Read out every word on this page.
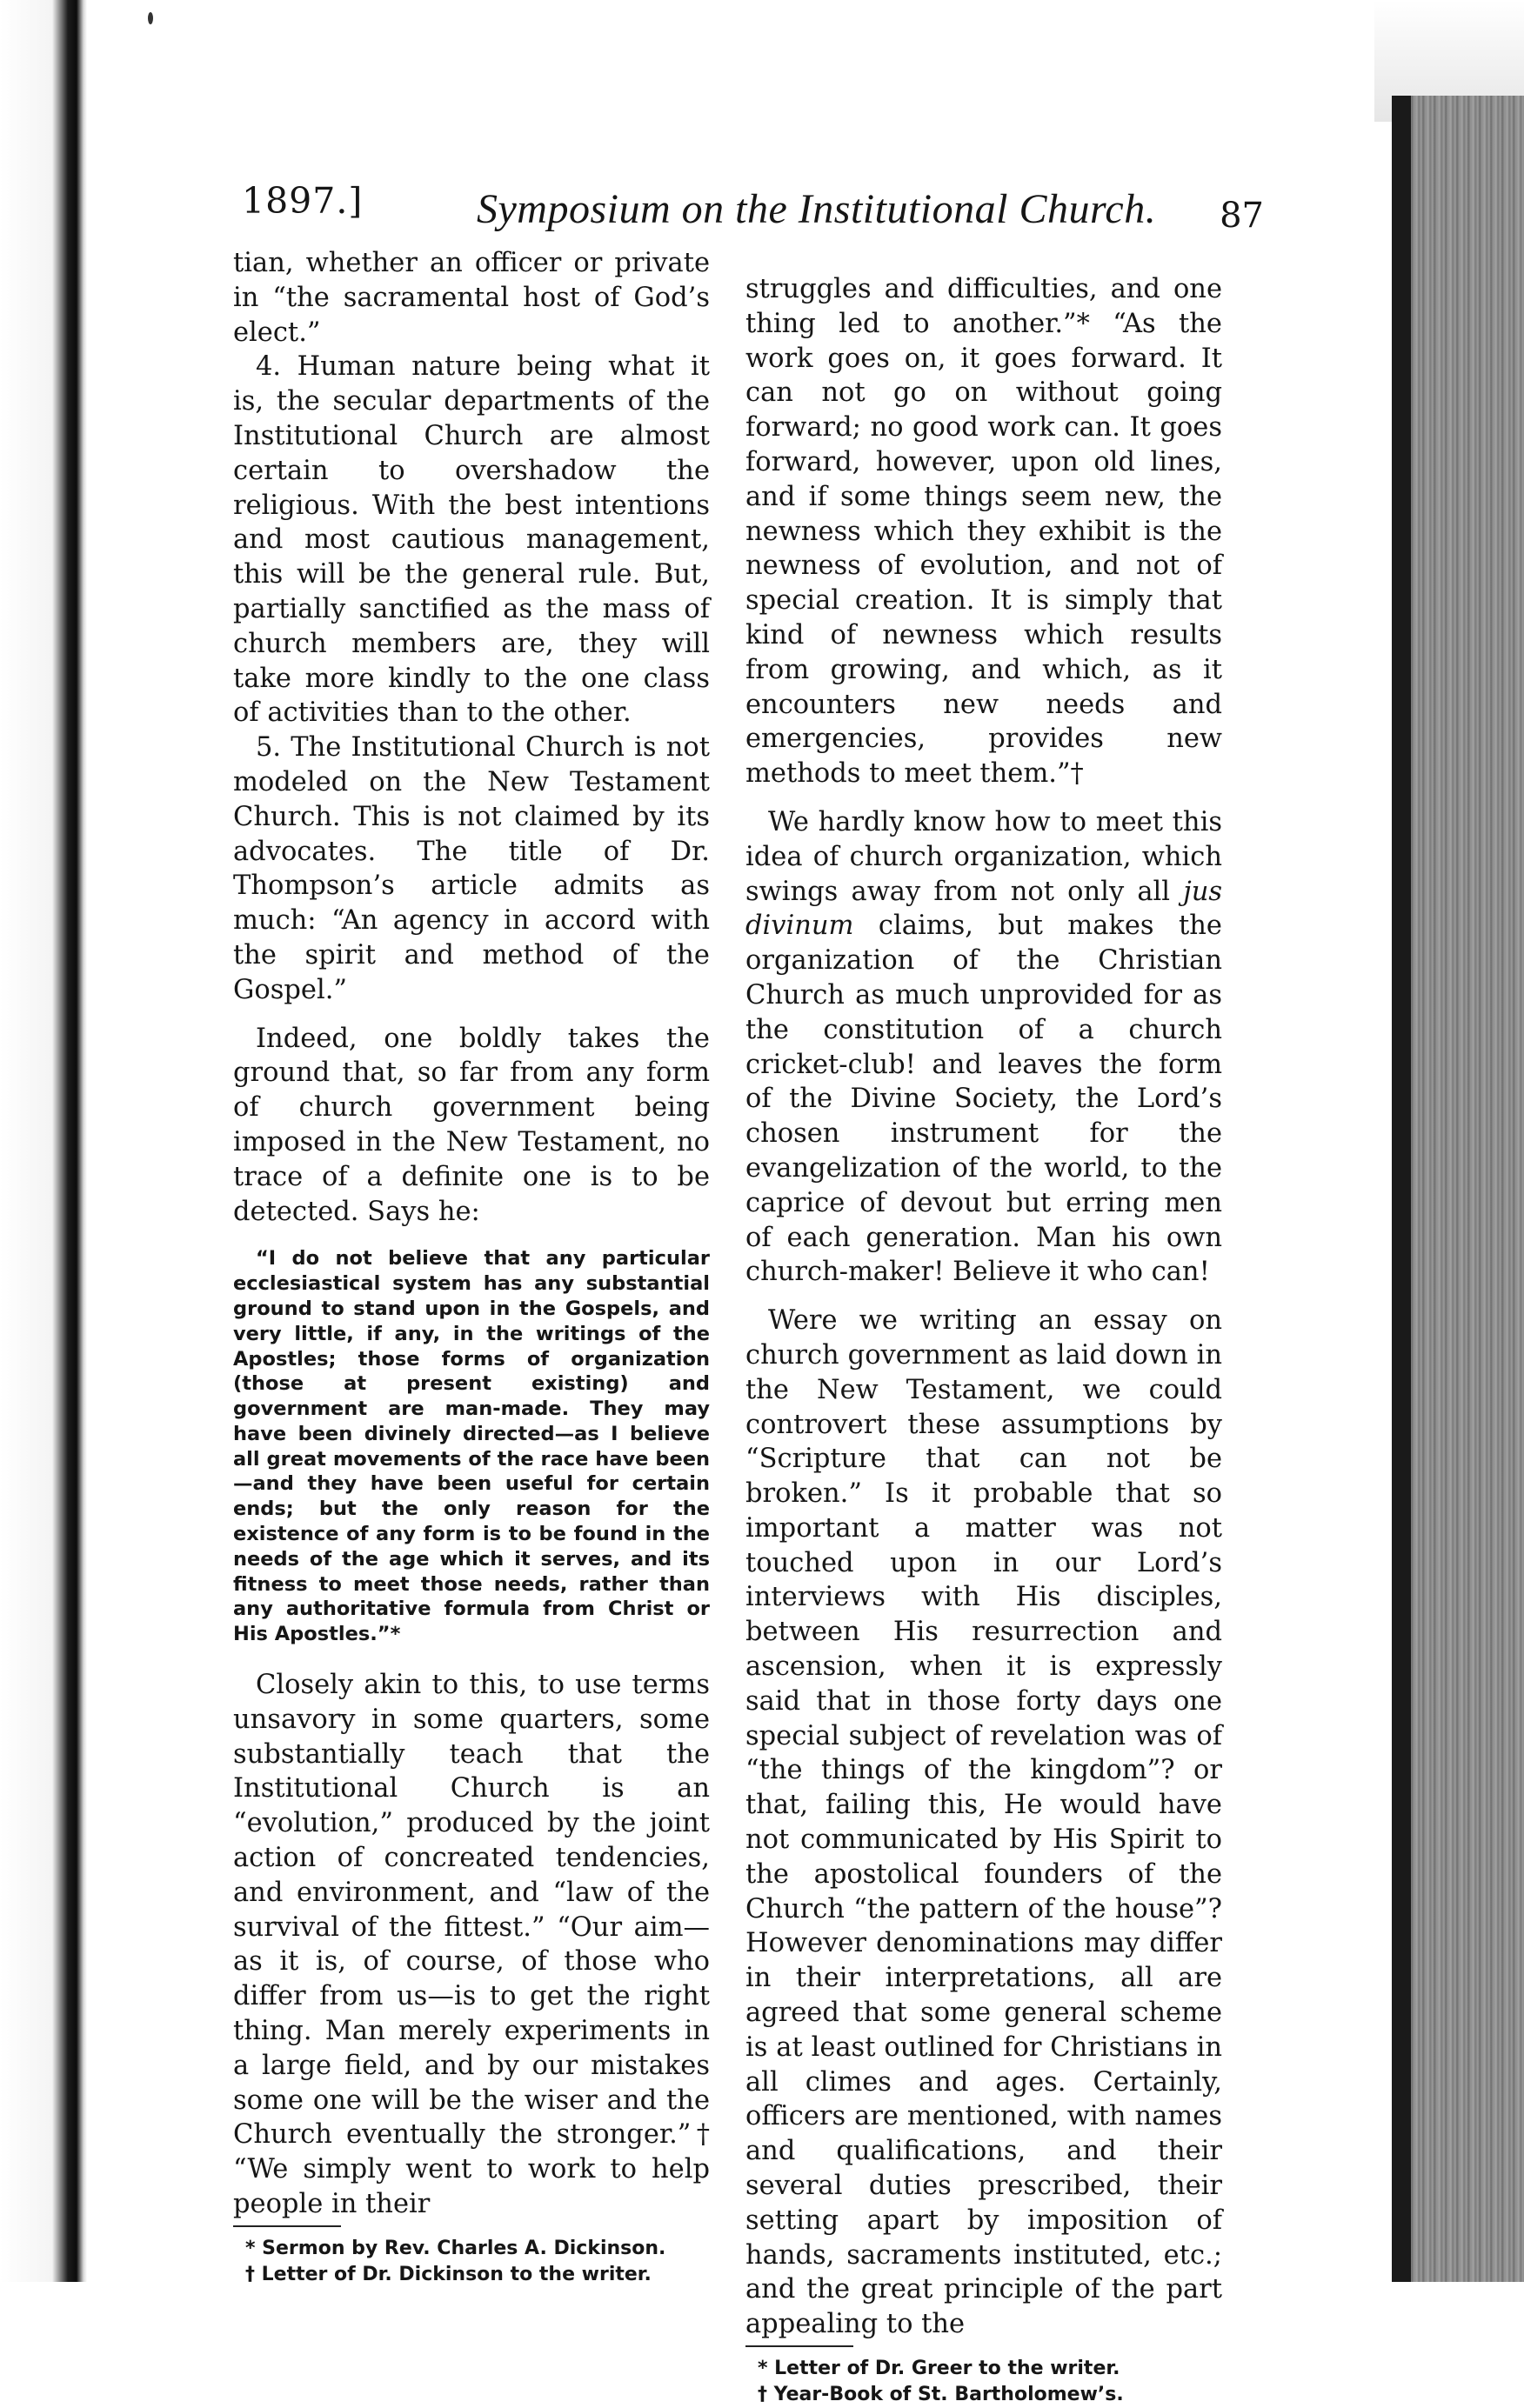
1897.]	Symposium on the Institutional Church. 87

tian, whether an officer or private in “the sacramental host of God’s elect.”

4. Human nature being what it is, the secular departments of the Institutional Church are almost certain to overshadow the religious. With the best intentions and most cautious management, this will be the general rule. But, partially sanctified as the mass of church members are, they will take more kindly to the one class of activities than to the other.

5. The Institutional Church is not modeled on the New Testament Church. This is not claimed by its advocates. The title of Dr. Thompson’s article admits as much: “An agency in accord with the spirit and method of the Gospel.”

Indeed, one boldly takes the ground that, so far from any form of church government being imposed in the New Testament, no trace of a definite one is to be detected. Says he:

“I do not believe that any particular ecclesiastical system has any substantial ground to stand upon in the Gospels, and very little, if any, in the writings of the Apostles; those forms of organization (those at present existing) and government are man-made. They may have been divinely directed—as I believe all great movements of the race have been—and they have been useful for certain ends; but the only reason for the existence of any form is to be found in the needs of the age which it serves, and its fitness to meet those needs, rather than any authoritative formula from Christ or His Apostles.”*

Closely akin to this, to use terms unsavory in some quarters, some substantially teach that the Institutional Church is an “evolution,” produced by the joint action of concreated tendencies, and environment, and “law of the survival of the fittest.” “Our aim—as it is, of course, of those who differ from us—is to get the right thing. Man merely experiments in a large field, and by our mistakes some one will be the wiser and the Church eventually the stronger.”† “We simply went to work to help people in their

* Sermon by Rev. Charles A. Dickinson.
† Letter of Dr. Dickinson to the writer.

struggles and difficulties, and one thing led to another.”* “As the work goes on, it goes forward. It can not go on without going forward; no good work can. It goes forward, however, upon old lines, and if some things seem new, the newness which they exhibit is the newness of evolution, and not of special creation. It is simply that kind of newness which results from growing, and which, as it encounters new needs and emergencies, provides new methods to meet them.”†

We hardly know how to meet this idea of church organization, which swings away from not only all jus divinum claims, but makes the organization of the Christian Church as much unprovided for as the constitution of a church cricket-club! and leaves the form of the Divine Society, the Lord’s chosen instrument for the evangelization of the world, to the caprice of devout but erring men of each generation. Man his own church-maker! Believe it who can!

Were we writing an essay on church government as laid down in the New Testament, we could controvert these assumptions by “Scripture that can not be broken.” Is it probable that so important a matter was not touched upon in our Lord’s interviews with His disciples, between His resurrection and ascension, when it is expressly said that in those forty days one special subject of revelation was of “the things of the kingdom”? or that, failing this, He would have not communicated by His Spirit to the apostolical founders of the Church “the pattern of the house”? However denominations may differ in their interpretations, all are agreed that some general scheme is at least outlined for Christians in all climes and ages. Certainly, officers are mentioned, with names and qualifications, and their several duties prescribed, their setting apart by imposition of hands, sacraments instituted, etc.; and the great principle of the part appealing to the

* Letter of Dr. Greer to the writer.
† Year-Book of St. Bartholomew’s.
